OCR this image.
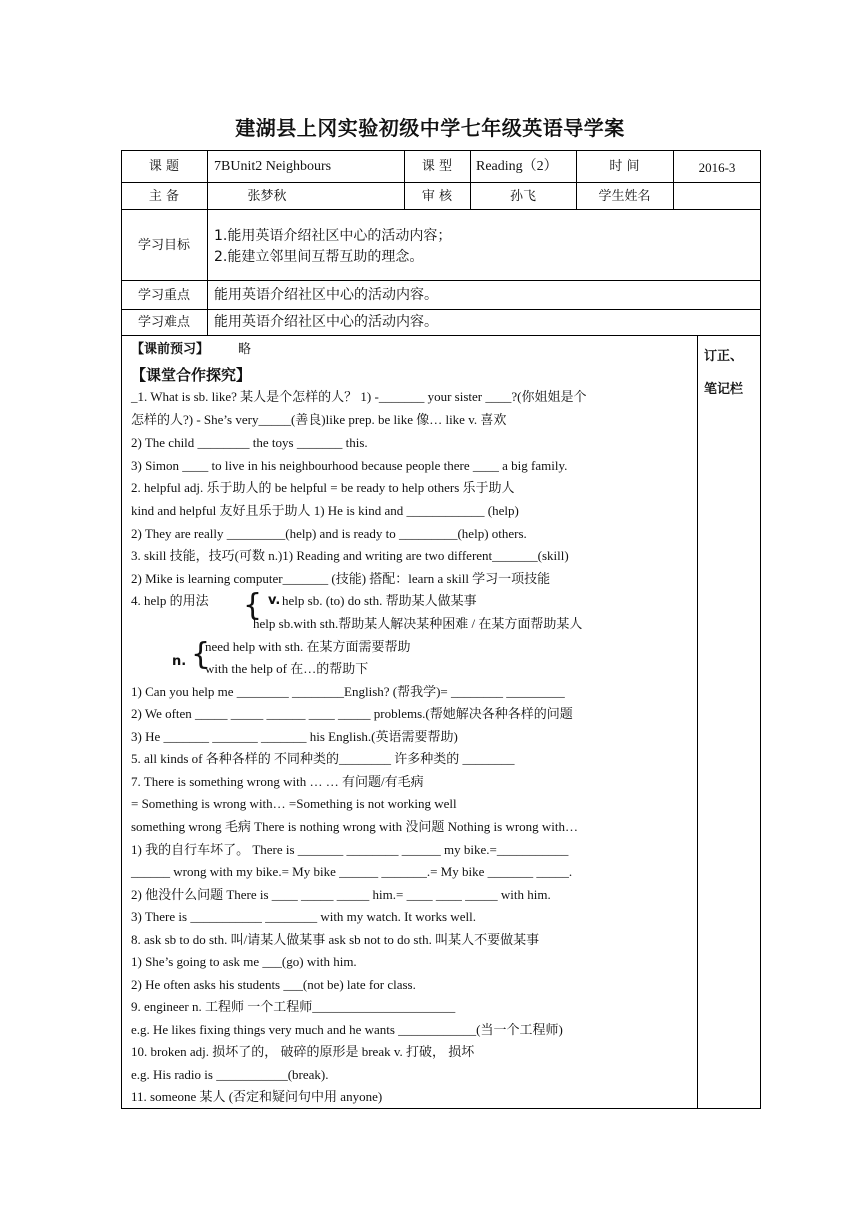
建湖县上冈实验初级中学七年级英语导学案
课 题	7BUnit2 Neighbours	课 型	Reading（2）	时 间	2016-3
主 备	张梦秋	审 核	孙飞	学生姓名
学习目标
1.能用英语介绍社区中心的活动内容；
2.能建立邻里间互帮互助的理念。
学习重点	能用英语介绍社区中心的活动内容。
学习难点	能用英语介绍社区中心的活动内容。
订正、
笔记栏
【课前预习】 略
【课堂合作探究】
_1. What is sb. like? 某人是个怎样的人？ 1) -_______ your sister ____?(你姐姐是个
怎样的人?) - She’s very_____(善良)like prep. be like 像… like v. 喜欢
2) The child ________ the toys _______ this.
3) Simon ____ to live in his neighbourhood because people there ____ a big family.
2. helpful adj. 乐于助人的 be helpful = be ready to help others 乐于助人
kind and helpful 友好且乐于助人 1) He is kind and ____________ (help)
2) They are really _________(help) and is ready to _________(help) others.
3. skill 技能，技巧(可数 n.)1) Reading and writing are two different_______(skill)
2) Mike is learning computer_______ (技能) 搭配：learn a skill 学习一项技能
4. help 的用法 { v. help sb. (to) do sth. 帮助某人做某事
help sb.with sth.帮助某人解决某种困难 / 在某方面帮助某人
{
n.
need help with sth. 在某方面需要帮助
with the help of 在…的帮助下
1) Can you help me ________ ________English? (帮我学)= ________ _________
2) We often _____ _____ ______ ____ _____ problems.(帮她解决各种各样的问题
3) He _______ _______ _______ his English.(英语需要帮助)
5. all kinds of 各种各样的 不同种类的________ 许多种类的 ________
7. There is something wrong with … … 有问题/有毛病
= Something is wrong with… =Something is not working well
something wrong 毛病 There is nothing wrong with 没问题 Nothing is wrong with…
1) 我的自行车坏了。 There is _______ ________ ______ my bike.=___________
______ wrong with my bike.= My bike ______ _______.= My bike _______ _____.
2) 他没什么问题 There is ____ _____ _____ him.= ____ ____ _____ with him.
3) There is ___________ ________ with my watch. It works well.
8. ask sb to do sth. 叫/请某人做某事 ask sb not to do sth. 叫某人不要做某事
1) She’s going to ask me ___(go) with him.
2) He often asks his students ___(not be) late for class.
9. engineer n. 工程师 一个工程师______________________
e.g. He likes fixing things very much and he wants ____________(当一个工程师)
10. broken adj. 损坏了的， 破碎的原形是 break v. 打破， 损坏
e.g. His radio is ___________(break).
11. someone 某人 (否定和疑问句中用 anyone)
